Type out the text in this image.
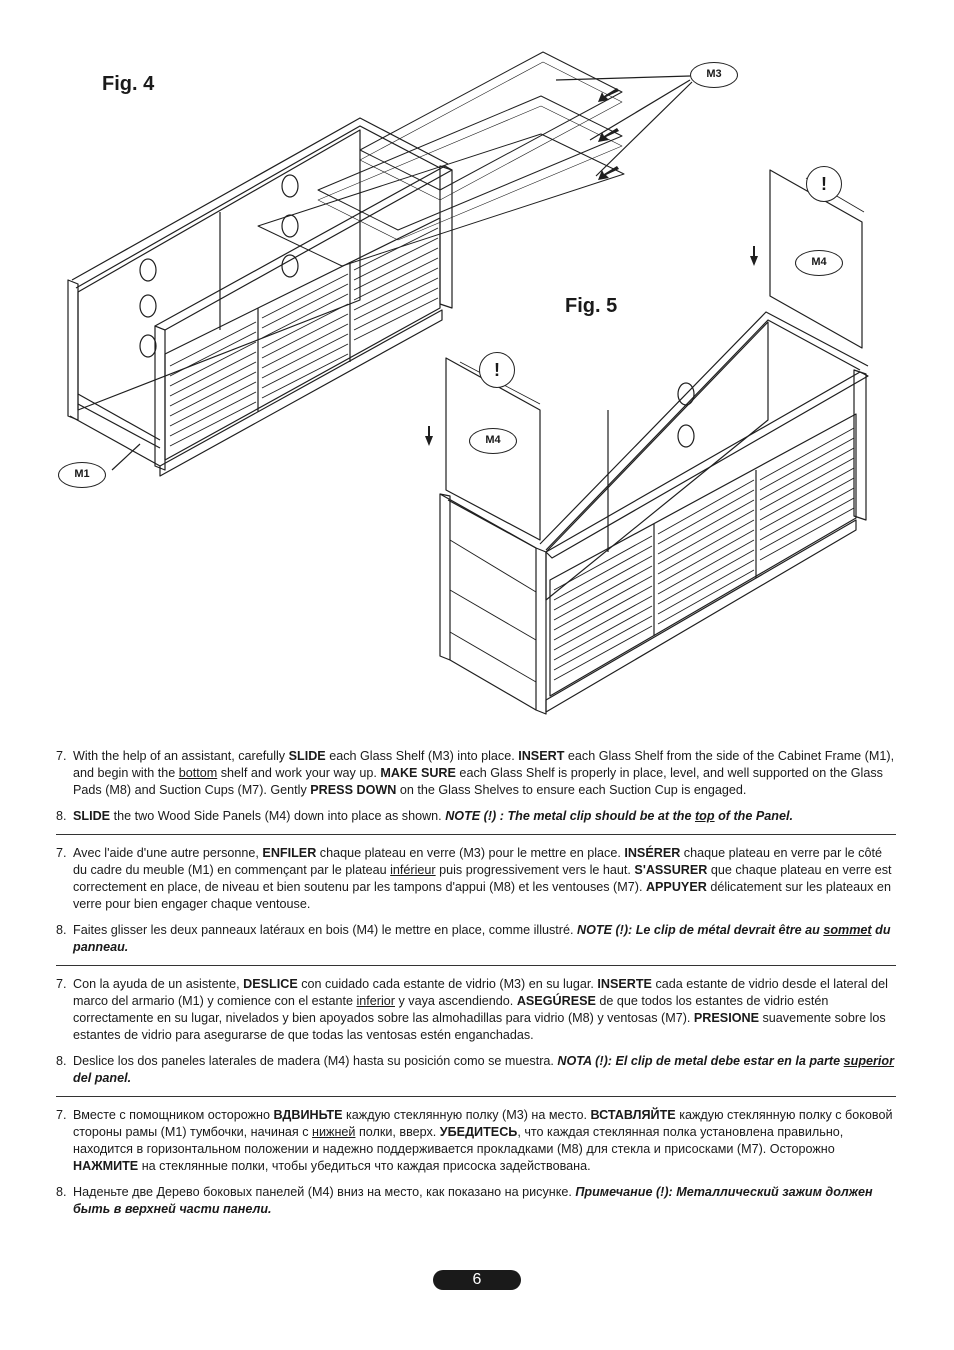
Fig. 4
Fig. 5
M1
M3
M4
M4
!
!

7. With the help of an assistant, carefully SLIDE each Glass Shelf (M3) into place. INSERT each Glass Shelf from the side of the Cabinet Frame (M1), and begin with the bottom shelf and work your way up. MAKE SURE each Glass Shelf is properly in place, level, and well supported on the Glass Pads (M8) and Suction Cups (M7). Gently PRESS DOWN on the Glass Shelves to ensure each Suction Cup is engaged.

8. SLIDE the two Wood Side Panels (M4) down into place as shown. NOTE (!) : The metal clip should be at the top of the Panel.

7. Avec l'aide d'une autre personne, ENFILER chaque plateau en verre (M3) pour le mettre en place. INSÉRER chaque plateau en verre par le côté du cadre du meuble (M1) en commençant par le plateau inférieur puis progressivement vers le haut. S'ASSURER que chaque plateau en verre est correctement en place, de niveau et bien soutenu par les tampons d'appui (M8) et les ventouses (M7). APPUYER délicatement sur les plateaux en verre pour bien engager chaque ventouse.

8. Faites glisser les deux panneaux latéraux en bois (M4) le mettre en place, comme illustré. NOTE (!): Le clip de métal devrait être au sommet du panneau.

7. Con la ayuda de un asistente, DESLICE con cuidado cada estante de vidrio (M3) en su lugar. INSERTE cada estante de vidrio desde el lateral del marco del armario (M1) y comience con el estante inferior y vaya ascendiendo. ASEGÚRESE de que todos los estantes de vidrio estén correctamente en su lugar, nivelados y bien apoyados sobre las almohadillas para vidrio (M8) y ventosas (M7). PRESIONE suavemente sobre los estantes de vidrio para asegurarse de que todas las ventosas estén enganchadas.

8. Deslice los dos paneles laterales de madera (M4) hasta su posición como se muestra. NOTA (!): El clip de metal debe estar en la parte superior del panel.

7. Вместе с помощником осторожно ВДВИНЬТЕ каждую стеклянную полку (M3) на место. ВСТАВЛЯЙТЕ каждую стеклянную полку с боковой стороны рамы (M1) тумбочки, начиная с нижней полки, вверх. УБЕДИТЕСЬ, что каждая стеклянная полка установлена правильно, находится в горизонтальном положении и надежно поддерживается прокладками (M8) для стекла и присосками (M7). Осторожно НАЖМИТЕ на стеклянные полки, чтобы убедиться что каждая присоска задействована.

8. Наденьте две Дерево боковых панелей (M4) вниз на место, как показано на рисунке. Примечание (!): Металлический зажим должен быть в верхней части панели.

6
